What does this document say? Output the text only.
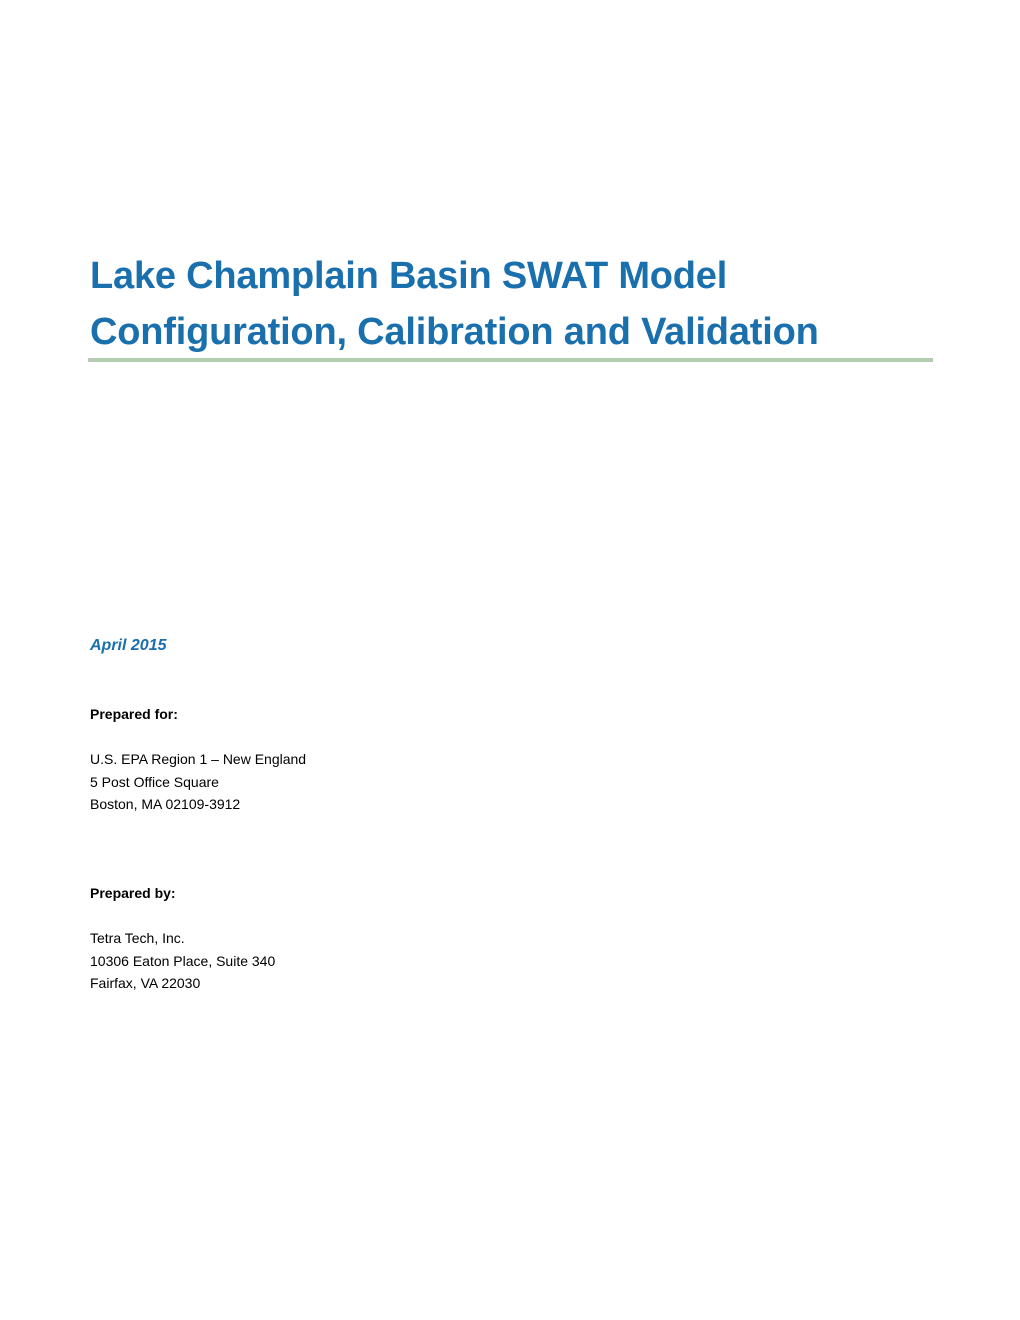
Lake Champlain Basin SWAT Model
Configuration, Calibration and Validation
April 2015
Prepared for:
U.S. EPA Region 1 – New England
5 Post Office Square
Boston, MA 02109-3912
Prepared by:
Tetra Tech, Inc.
10306 Eaton Place, Suite 340
Fairfax, VA 22030
